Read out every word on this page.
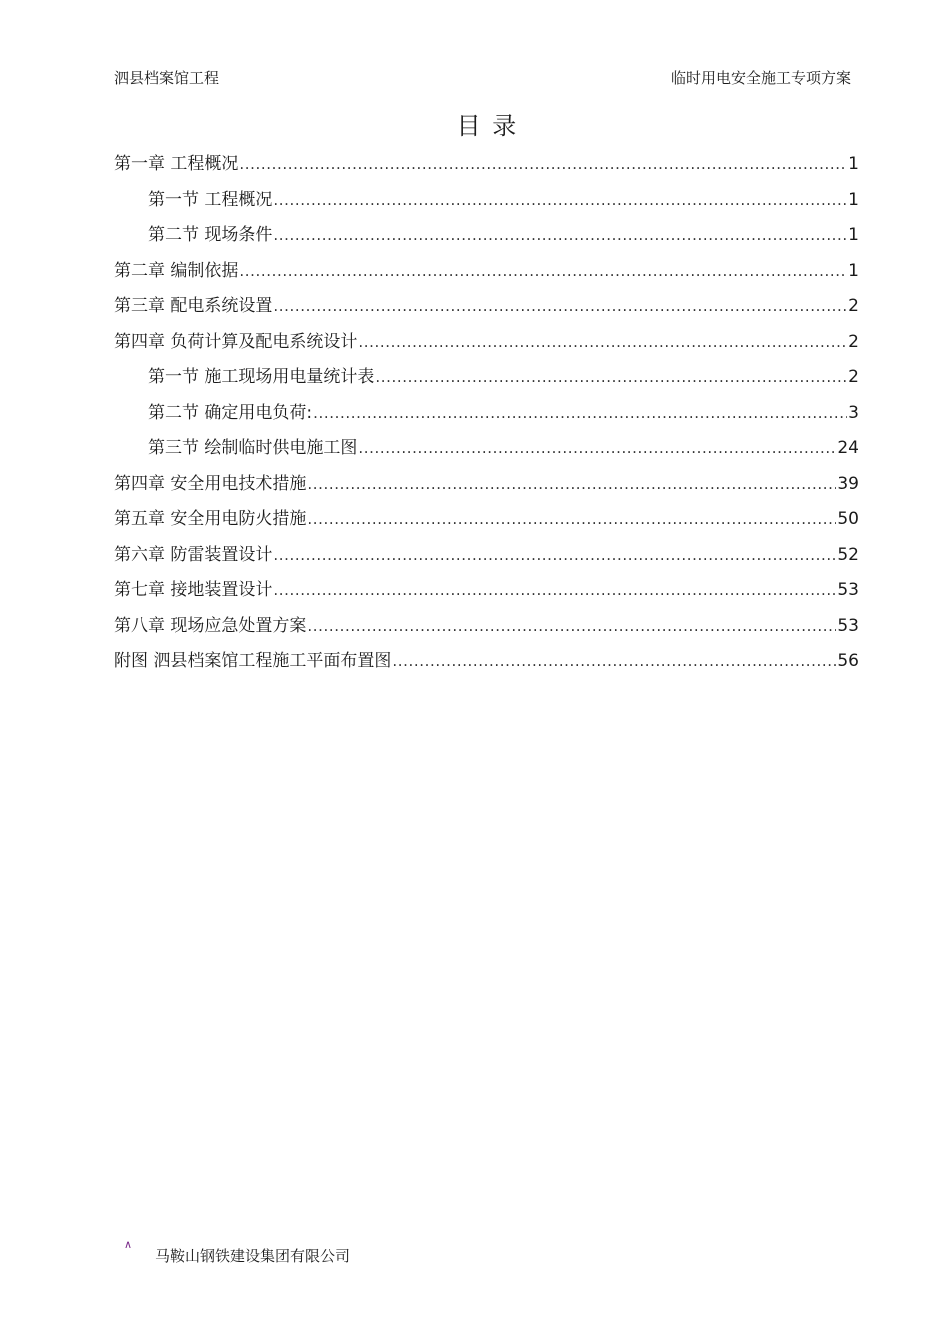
泗县档案馆工程	临时用电安全施工专项方案
目 录
第一章 工程概况 .....	1
第一节 工程概况 .....	1
第二节 现场条件 .....	1
第二章 编制依据 .....	1
第三章 配电系统设置 .....	2
第四章 负荷计算及配电系统设计 .....	2
第一节 施工现场用电量统计表 .....	2
第二节 确定用电负荷: .....	3
第三节 绘制临时供电施工图 .....	24
第四章 安全用电技术措施 .....	39
第五章 安全用电防火措施 .....	50
第六章 防雷装置设计 .....	52
第七章 接地装置设计 .....	53
第八章 现场应急处置方案 .....	53
附图 泗县档案馆工程施工平面布置图 .....	56
∧
马鞍山钢铁建设集团有限公司
